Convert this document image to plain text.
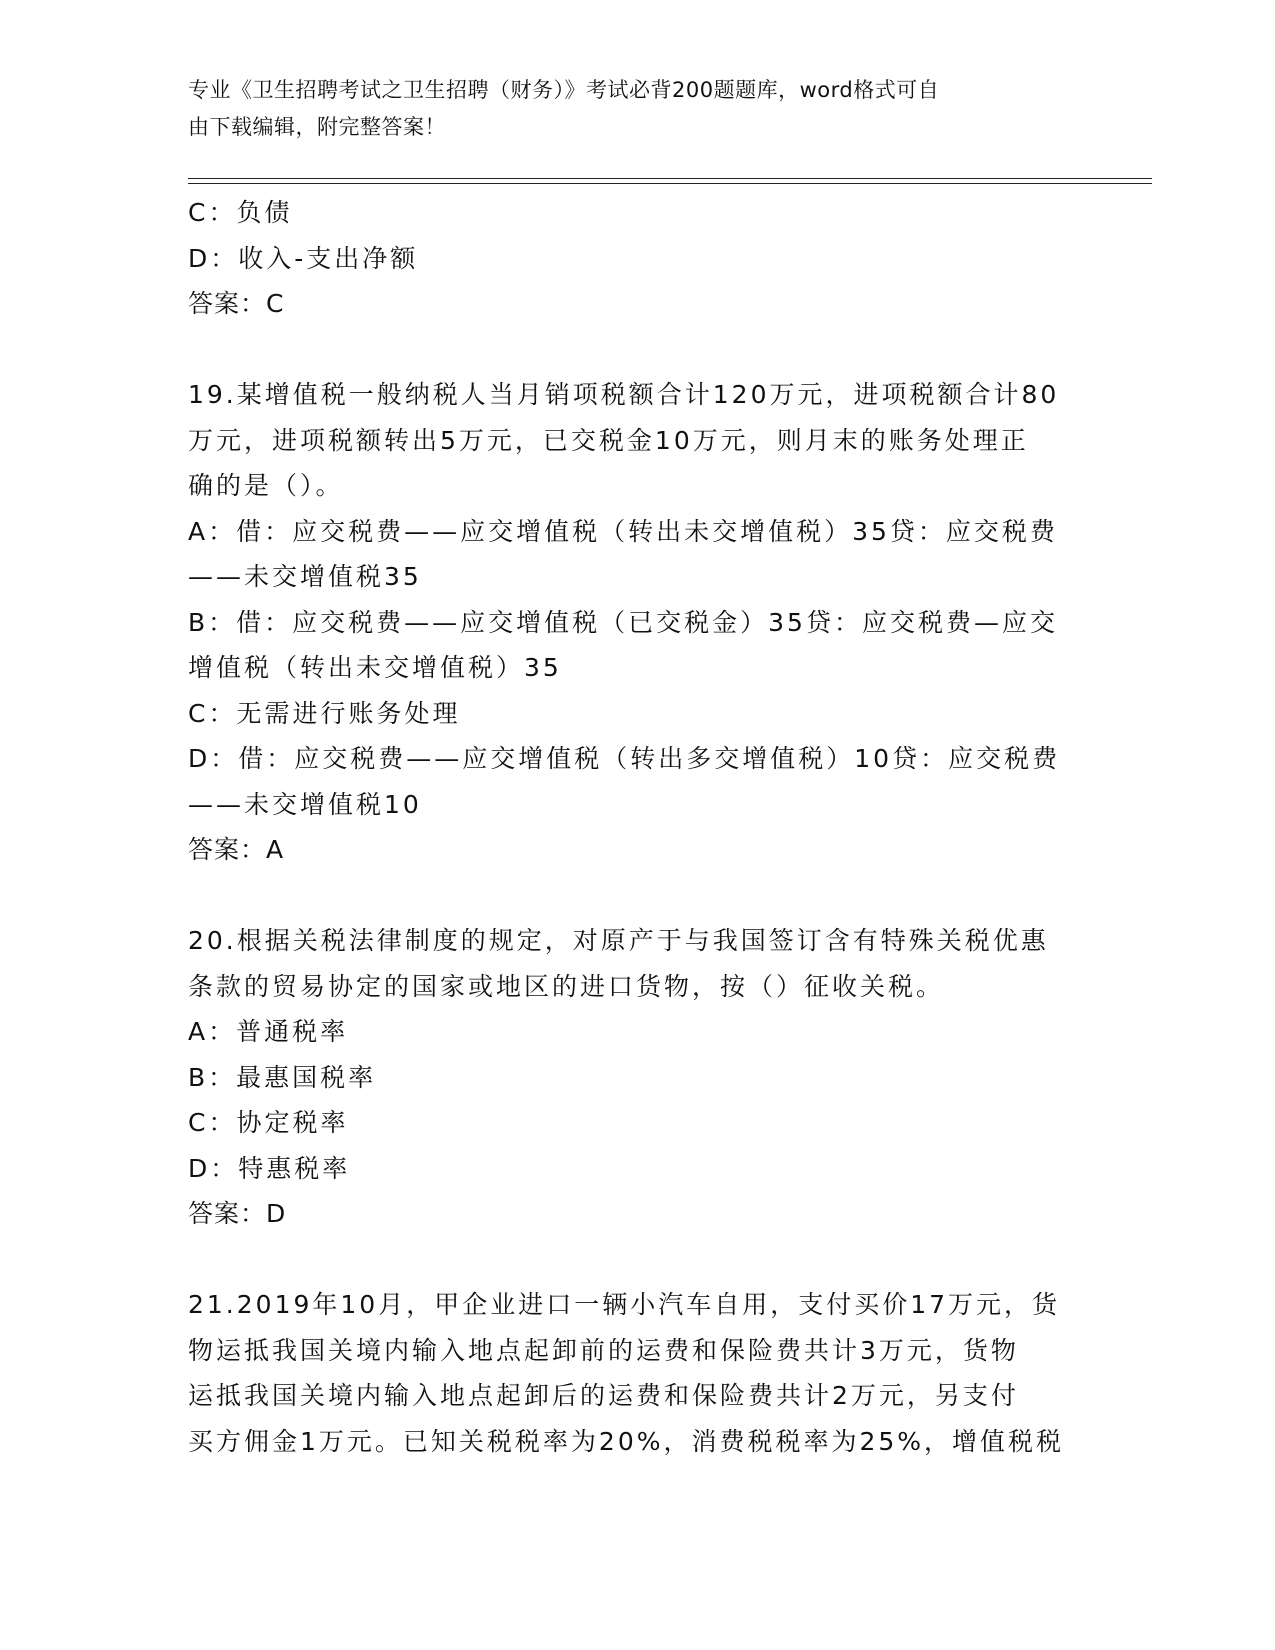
专业《卫生招聘考试之卫生招聘（财务）》考试必背200题题库，word格式可自
由下载编辑，附完整答案！
C：负债
D：收入-支出净额
答案：C
19.某增值税一般纳税人当月销项税额合计120万元，进项税额合计80
万元，进项税额转出5万元，已交税金10万元，则月末的账务处理正
确的是（）。
A：借：应交税费——应交增值税（转出未交增值税）35贷：应交税费
——未交增值税35
B：借：应交税费——应交增值税（已交税金）35贷：应交税费—应交
增值税（转出未交增值税）35
C：无需进行账务处理
D：借：应交税费——应交增值税（转出多交增值税）10贷：应交税费
——未交增值税10
答案：A
20.根据关税法律制度的规定，对原产于与我国签订含有特殊关税优惠
条款的贸易协定的国家或地区的进口货物，按（）征收关税。
A：普通税率
B：最惠国税率
C：协定税率
D：特惠税率
答案：D
21.2019年10月，甲企业进口一辆小汽车自用，支付买价17万元，货
物运抵我国关境内输入地点起卸前的运费和保险费共计3万元，货物
运抵我国关境内输入地点起卸后的运费和保险费共计2万元，另支付
买方佣金1万元。已知关税税率为20%，消费税税率为25%，增值税税
